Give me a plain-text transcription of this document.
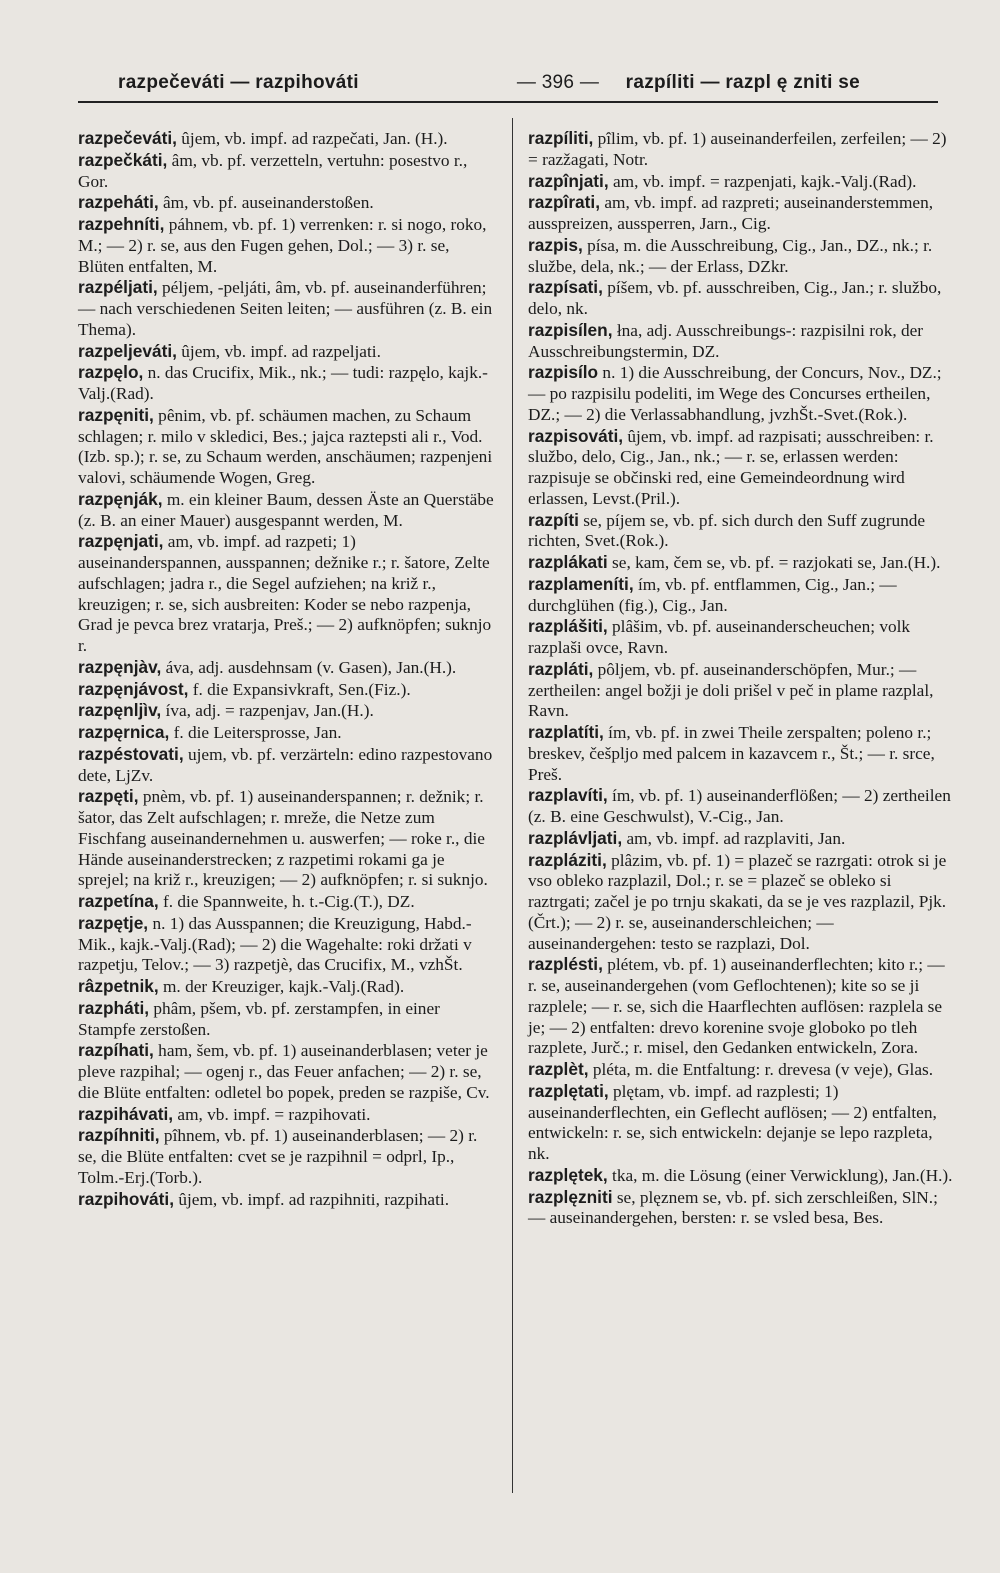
razpečeváti — razpihováti	— 396 —	razpíliti — razpl ę zniti se

razpečeváti, ûjem, vb. impf. ad razpečati, Jan. (H.).

razpečkáti, âm, vb. pf. verzetteln, vertuhn: posestvo r., Gor.

razpeháti, âm, vb. pf. auseinanderstoßen.

razpehníti, páhnem, vb. pf. 1) verrenken: r. si nogo, roko, M.; — 2) r. se, aus den Fugen gehen, Dol.; — 3) r. se, Blüten entfalten, M.

razpéljati, péljem, -peljáti, âm, vb. pf. auseinanderführen; — nach verschiedenen Seiten leiten; — ausführen (z. B. ein Thema).

razpeljeváti, ûjem, vb. impf. ad razpeljati.

razpęlo, n. das Crucifix, Mik., nk.; — tudi: razpęlo, kajk.-Valj.(Rad).

razpęniti, pênim, vb. pf. schäumen machen, zu Schaum schlagen; r. milo v skledici, Bes.; jajca raztepsti ali r., Vod.(Izb. sp.); r. se, zu Schaum werden, anschäumen; razpenjeni valovi, schäumende Wogen, Greg.

razpęnják, m. ein kleiner Baum, dessen Äste an Querstäbe (z. B. an einer Mauer) ausgespannt werden, M.

razpęnjati, am, vb. impf. ad razpeti; 1) auseinanderspannen, ausspannen; dežnike r.; r. šatore, Zelte aufschlagen; jadra r., die Segel aufziehen; na križ r., kreuzigen; r. se, sich ausbreiten: Koder se nebo razpenja, Grad je pevca brez vratarja, Preš.; — 2) aufknöpfen; suknjo r.

razpęnjàv, áva, adj. ausdehnsam (v. Gasen), Jan.(H.).

razpęnjávost, f. die Expansivkraft, Sen.(Fiz.).

razpęnljìv, íva, adj. = razpenjav, Jan.(H.).

razpęrnica, f. die Leitersprosse, Jan.

razpéstovati, ujem, vb. pf. verzärteln: edino razpestovano dete, LjZv.

razpęti, pnèm, vb. pf. 1) auseinanderspannen; r. dežnik; r. šator, das Zelt aufschlagen; r. mreže, die Netze zum Fischfang auseinandernehmen u. auswerfen; — roke r., die Hände auseinanderstrecken; z razpetimi rokami ga je sprejel; na križ r., kreuzigen; — 2) aufknöpfen; r. si suknjo.

razpetína, f. die Spannweite, h. t.-Cig.(T.), DZ.

razpętje, n. 1) das Ausspannen; die Kreuzigung, Habd.-Mik., kajk.-Valj.(Rad); — 2) die Wagehalte: roki držati v razpetju, Telov.; — 3) razpetjè, das Crucifix, M., vzhŠt.

râzpetnik, m. der Kreuziger, kajk.-Valj.(Rad).

razpháti, phâm, pšem, vb. pf. zerstampfen, in einer Stampfe zerstoßen.

razpíhati, ham, šem, vb. pf. 1) auseinanderblasen; veter je pleve razpihal; — ogenj r., das Feuer anfachen; — 2) r. se, die Blüte entfalten: odletel bo popek, preden se razpiše, Cv.

razpihávati, am, vb. impf. = razpihovati.

razpíhniti, pîhnem, vb. pf. 1) auseinanderblasen; — 2) r. se, die Blüte entfalten: cvet se je razpihnil = odprl, Ip., Tolm.-Erj.(Torb.).

razpihováti, ûjem, vb. impf. ad razpihniti, razpihati.

razpíliti, pîlim, vb. pf. 1) auseinanderfeilen, zerfeilen; — 2) = razžagati, Notr.

razpînjati, am, vb. impf. = razpenjati, kajk.-Valj.(Rad).

razpîrati, am, vb. impf. ad razpreti; auseinanderstemmen, ausspreizen, aussperren, Jarn., Cig.

razpis, písa, m. die Ausschreibung, Cig., Jan., DZ., nk.; r. službe, dela, nk.; — der Erlass, DZkr.

razpísati, píšem, vb. pf. ausschreiben, Cig., Jan.; r. službo, delo, nk.

razpisílen, łna, adj. Ausschreibungs-: razpisilni rok, der Ausschreibungstermin, DZ.

razpisílo n. 1) die Ausschreibung, der Concurs, Nov., DZ.; — po razpisilu podeliti, im Wege des Concurses ertheilen, DZ.; — 2) die Verlassabhandlung, jvzhŠt.-Svet.(Rok.).

razpisováti, ûjem, vb. impf. ad razpisati; ausschreiben: r. službo, delo, Cig., Jan., nk.; — r. se, erlassen werden: razpisuje se občinski red, eine Gemeindeordnung wird erlassen, Levst.(Pril.).

razpíti se, píjem se, vb. pf. sich durch den Suff zugrunde richten, Svet.(Rok.).

razplákati se, kam, čem se, vb. pf. = razjokati se, Jan.(H.).

razplameníti, ím, vb. pf. entflammen, Cig., Jan.; — durchglühen (fig.), Cig., Jan.

razplášiti, plâšim, vb. pf. auseinanderscheuchen; volk razplaši ovce, Ravn.

razpláti, pôljem, vb. pf. auseinanderschöpfen, Mur.; — zertheilen: angel božji je doli prišel v peč in plame razplal, Ravn.

razplatíti, ím, vb. pf. in zwei Theile zerspalten; poleno r.; breskev, češpljo med palcem in kazavcem r., Št.; — r. srce, Preš.

razplavíti, ím, vb. pf. 1) auseinanderflößen; — 2) zertheilen (z. B. eine Geschwulst), V.-Cig., Jan.

razplávljati, am, vb. impf. ad razplaviti, Jan.

razpláziti, plâzim, vb. pf. 1) = plazeč se razrgati: otrok si je vso obleko razplazil, Dol.; r. se = plazeč se obleko si raztrgati; začel je po trnju skakati, da se je ves razplazil, Pjk.(Črt.); — 2) r. se, auseinanderschleichen; — auseinandergehen: testo se razplazi, Dol.

razplésti, plétem, vb. pf. 1) auseinanderflechten; kito r.; — r. se, auseinandergehen (vom Geflochtenen); kite so se ji razplele; — r. se, sich die Haarflechten auflösen: razplela se je; — 2) entfalten: drevo korenine svoje globoko po tleh razplete, Jurč.; r. misel, den Gedanken entwickeln, Zora.

razplèt, pléta, m. die Entfaltung: r. drevesa (v veje), Glas.

razplętati, plętam, vb. impf. ad razplesti; 1) auseinanderflechten, ein Geflecht auflösen; — 2) entfalten, entwickeln: r. se, sich entwickeln: dejanje se lepo razpleta, nk.

razplętek, tka, m. die Lösung (einer Verwicklung), Jan.(H.).

razplęzniti se, plęznem se, vb. pf. sich zerschleißen, SlN.; — auseinandergehen, bersten: r. se vsled besa, Bes.
